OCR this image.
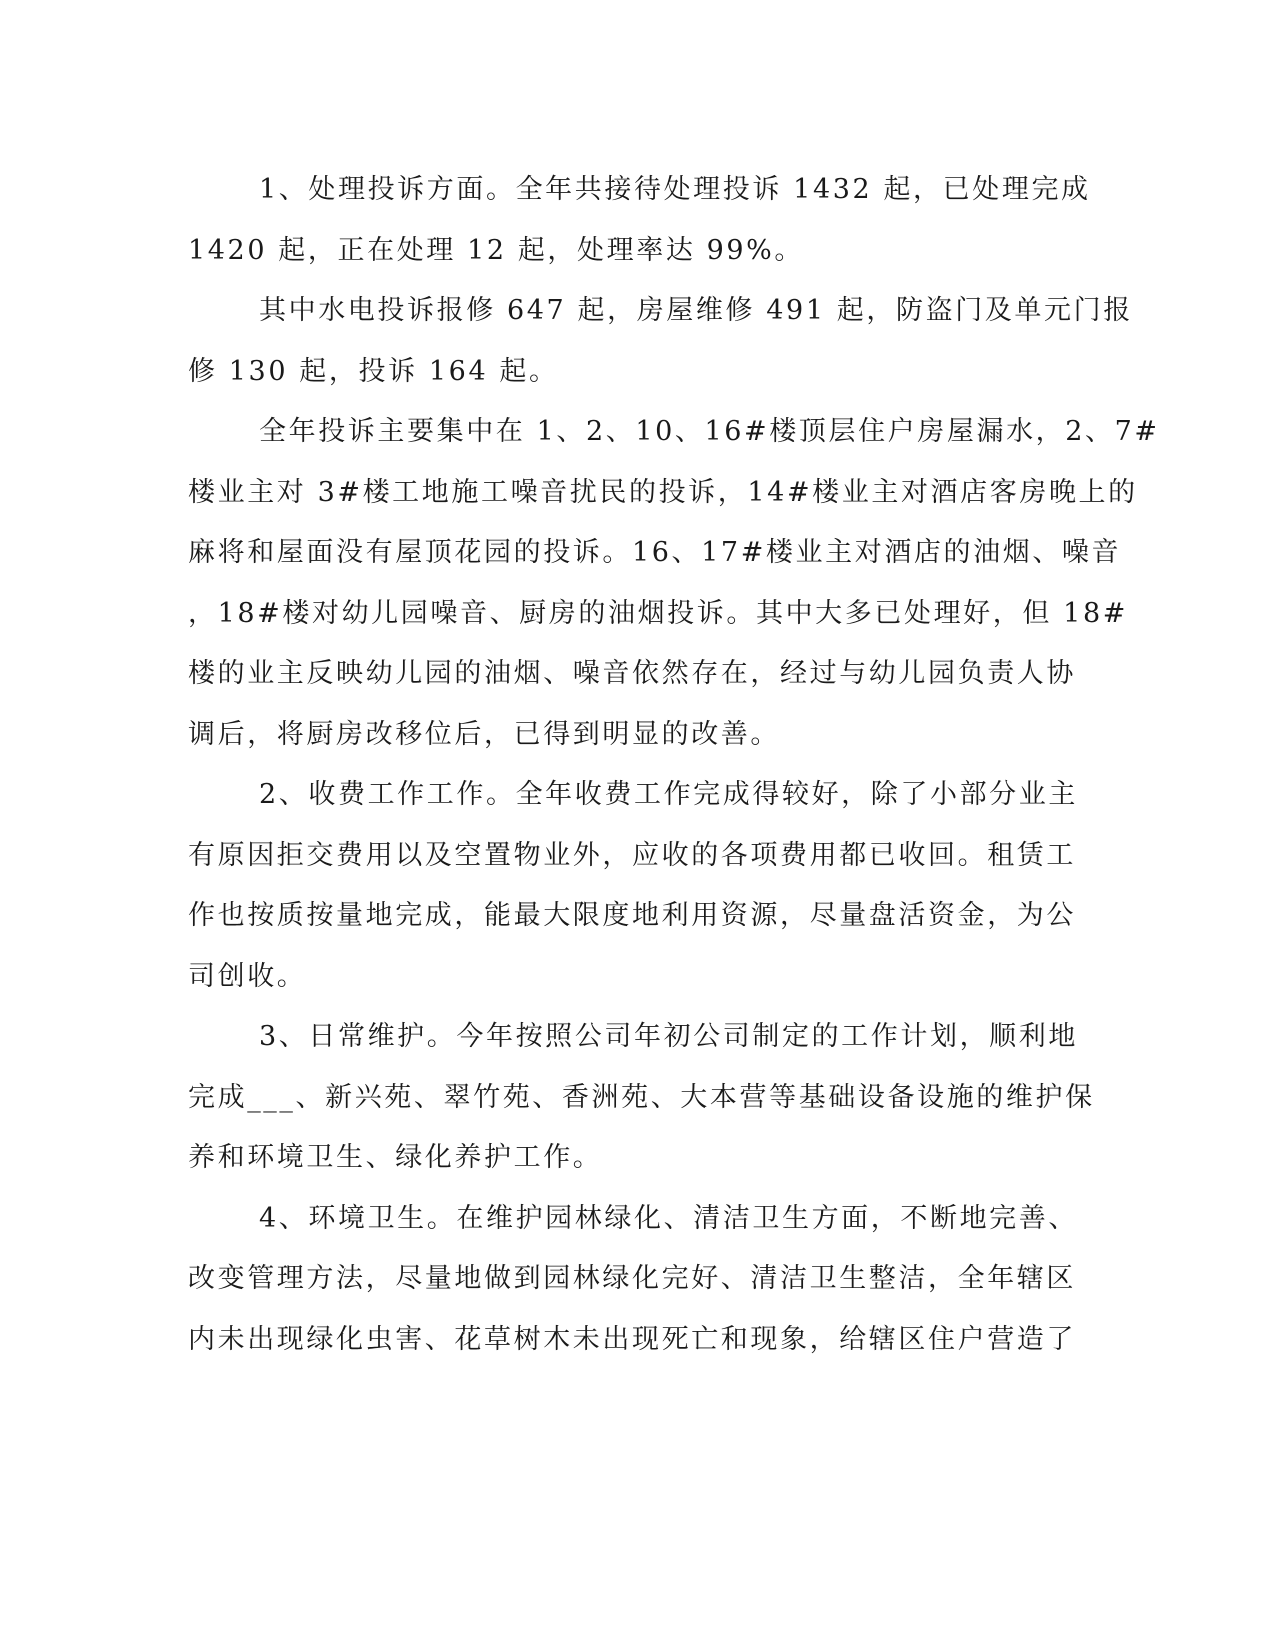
1、处理投诉方面。全年共接待处理投诉 1432 起，已处理完成
1420 起，正在处理 12 起，处理率达 99%。
其中水电投诉报修 647 起，房屋维修 491 起，防盗门及单元门报
修 130 起，投诉 164 起。
全年投诉主要集中在 1、2、10、16#楼顶层住户房屋漏水，2、7#
楼业主对 3#楼工地施工噪音扰民的投诉，14#楼业主对酒店客房晚上的
麻将和屋面没有屋顶花园的投诉。16、17#楼业主对酒店的油烟、噪音
，18#楼对幼儿园噪音、厨房的油烟投诉。其中大多已处理好，但 18#
楼的业主反映幼儿园的油烟、噪音依然存在，经过与幼儿园负责人协
调后，将厨房改移位后，已得到明显的改善。
2、收费工作工作。全年收费工作完成得较好，除了小部分业主
有原因拒交费用以及空置物业外，应收的各项费用都已收回。租赁工
作也按质按量地完成，能最大限度地利用资源，尽量盘活资金，为公
司创收。
3、日常维护。今年按照公司年初公司制定的工作计划，顺利地
完成___、新兴苑、翠竹苑、香洲苑、大本营等基础设备设施的维护保
养和环境卫生、绿化养护工作。
4、环境卫生。在维护园林绿化、清洁卫生方面，不断地完善、
改变管理方法，尽量地做到园林绿化完好、清洁卫生整洁，全年辖区
内未出现绿化虫害、花草树木未出现死亡和现象，给辖区住户营造了
